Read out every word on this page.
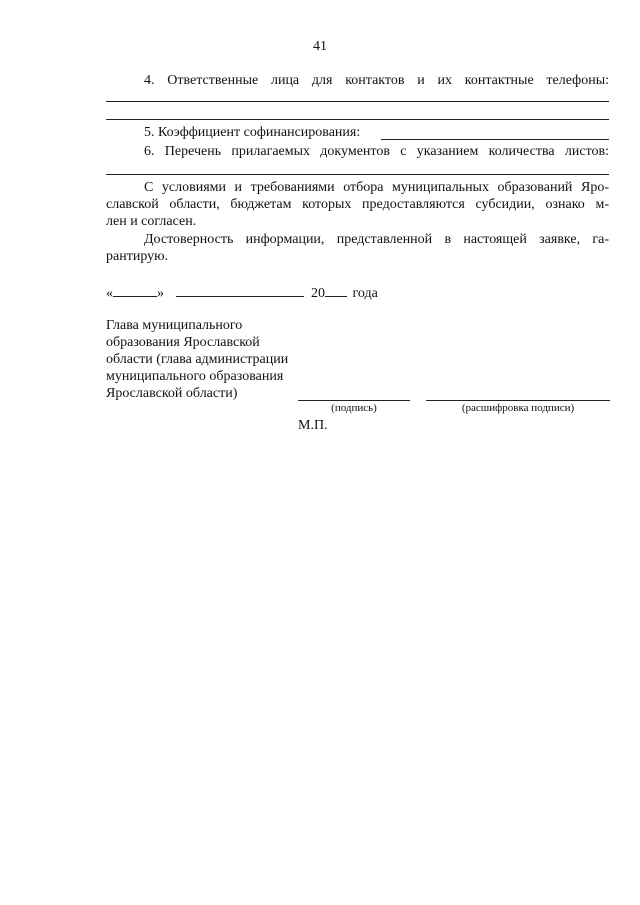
41
4. Ответственные лица для контактов и их контактные телефоны:
5. Коэффициент софинансирования:
6. Перечень прилагаемых документов с указанием количества листов:
С условиями и требованиями отбора муниципальных образований Яро-
славской области, бюджетам которых предоставляются субсидии, ознако м-
лен и согласен.
Достоверность информации, представленной в настоящей заявке, га-
рантирую.
«	»	20 года
Глава муниципального
образования Ярославской
области (глава администрации
муниципального образования
Ярославской области)
(подпись)	(расшифровка подписи)
М.П.
